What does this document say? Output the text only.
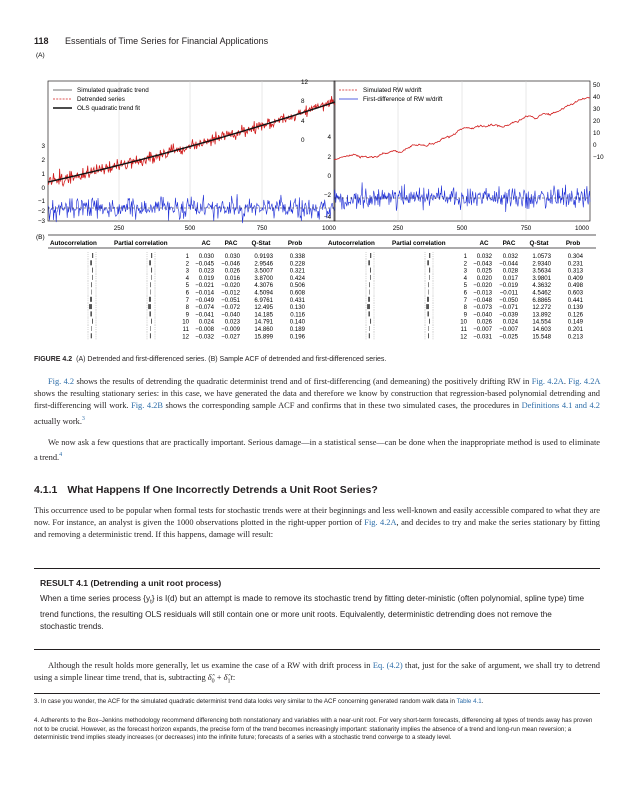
118 Essentials of Time Series for Financial Applications
(A)
Simulated quadratic trend
Detrended series
OLS quadratic trend fit
3
2
1
0
−1
−2
−3
12
8
4
0
250	500	750	1000
Simulated RW w/drift
First-difference of RW w/drift
4
2
0
−2
−4
50
40
30
20
10
0
−10
250	500	750	1000
(B)
Autocorrelation	Partial correlation	AC PAC Q-Stat	Prob	Autocorrelation	Partial correlation	AC PAC Q-Stat	Prob
1 0.030 0.030 0.9193	0.338
2 −0.045 −0.046 2.9546	0.228
3 0.023 0.026 3.5007	0.321
4 0.019 0.016 3.8700	0.424
5 −0.021 −0.020 4.3076	0.506
6 −0.014 −0.012 4.5094	0.608
7 −0.049 −0.051 6.9761	0.431
8 −0.074 −0.072 12.495	0.130
9 −0.041 −0.040 14.185	0.116
10 0.024 0.023 14.791	0.140
11 −0.008 −0.009 14.860	0.189
12 −0.032 −0.027 15.899	0.196
1 0.032 0.032 1.0573	0.304
2 −0.043 −0.044 2.9340	0.231
3 0.025 0.028 3.5634	0.313
4 0.020 0.017 3.9801	0.409
5 −0.020 −0.019 4.3632	0.498
6 −0.013 −0.011 4.5462	0.603
7 −0.048 −0.050 6.8865	0.441
8 −0.073 −0.071 12.272	0.139
9 −0.040 −0.039 13.892	0.126
10 0.026 0.024 14.554	0.149
11 −0.007 −0.007 14.603	0.201
12 −0.031 −0.025 15.548	0.213
FIGURE 4.2 (A) Detrended and first-differenced series. (B) Sample ACF of detrended and first-differenced series.
Fig. 4.2 shows the results of detrending the quadratic determinist trend and of first-differencing (and demeaning) the positively drifting RW in Fig. 4.2A. Fig. 4.2A shows the resulting stationary series: in this case, we have generated the data and therefore we know by construction that regression-based polynomial detrending and first-differencing will work. Fig. 4.2B shows the corresponding sample ACF and confirms that in these two simulated cases, the procedures in Definitions 4.1 and 4.2 actually work.$^3$
We now ask a few questions that are practically important. Serious damage—in a statistical sense—can be done when the inappropriate method is used to eliminate a trend.$^4$
4.1.1 What Happens If One Incorrectly Detrends a Unit Root Series?
This occurrence used to be popular when formal tests for stochastic trends were at their beginnings and less well-known and easily accessible compared to what they are now. For instance, an analyst is given the 1000 observations plotted in the right-upper portion of Fig. 4.2A, and decides to try and make the series stationary by fitting and removing a deterministic trend. If this happens, damage will result:
RESULT 4.1 (Detrending a unit root process)
When a time series process $\{y_t\}$ is I(d) but an attempt is made to remove its stochastic trend by fitting deter-ministic (often polynomial, spline type) time trend functions, the resulting OLS residuals will still contain one or more unit roots. Equivalently, deterministic detrending does not remove the stochastic trends.
Although the result holds more generally, let us examine the case of a RW with drift process in Eq. (4.2) that, just for the sake of argument, we shall try to detrend using a simple linear time trend, that is, subtracting $\deltâ_0$ + $\deltâ_1t$:
3. In case you wonder, the ACF for the simulated quadratic determinist trend data looks very similar to the ACF concerning generated random walk data in Table 4.1.
4. Adherents to the Box–Jenkins methodology recommend differencing both nonstationary and variables with a near-unit root. For very short-term forecasts, differencing all types of trends away has proven not to be crucial. However, as the forecast horizon expands, the precise form of the trend becomes increasingly important: stationarity implies the absence of a trend and long-run mean reversion; a deterministic trend implies steady increases (or decreases) into the infinite future; forecasts of a series with a stochastic trend converge to a steady level.
